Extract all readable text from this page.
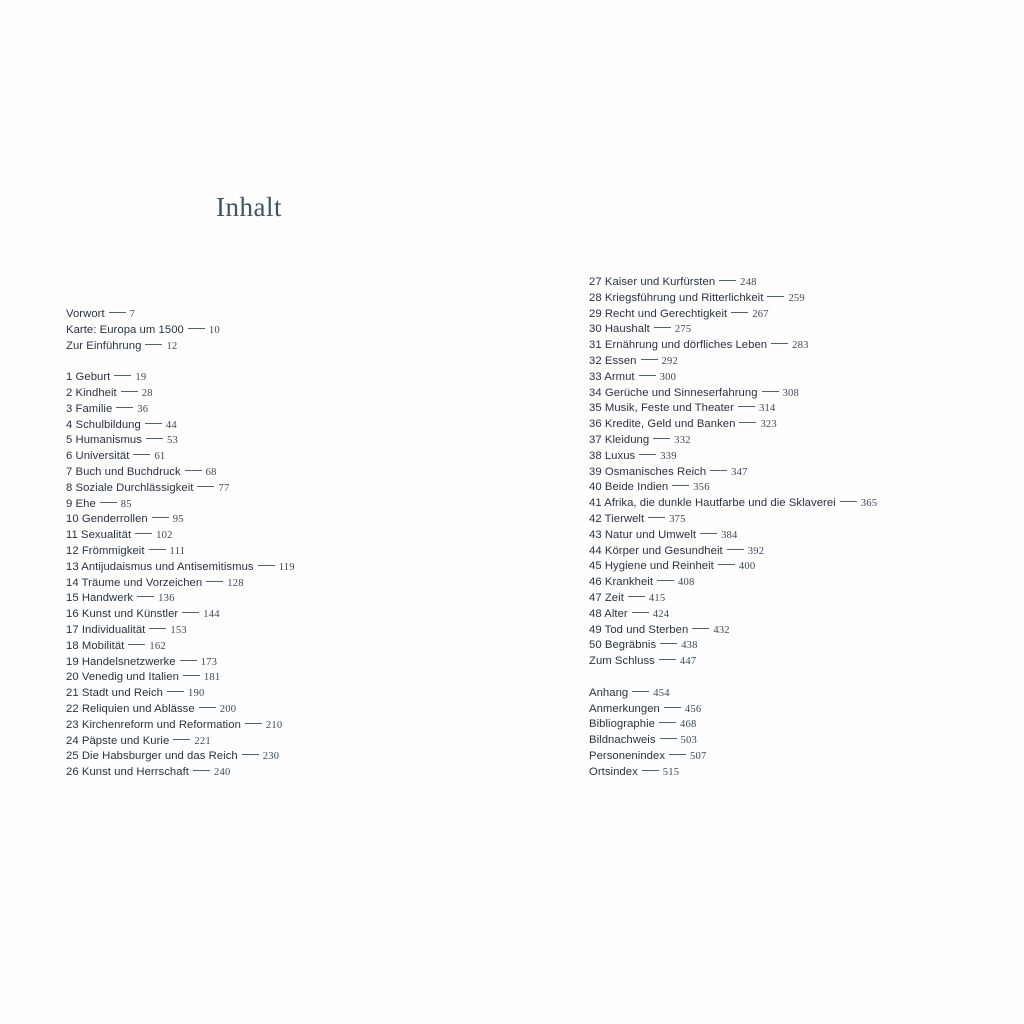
Inhalt
Vorwort 7
Karte: Europa um 1500 10
Zur Einführung 12
1 Geburt 19
2 Kindheit 28
3 Familie 36
4 Schulbildung 44
5 Humanismus 53
6 Universität 61
7 Buch und Buchdruck 68
8 Soziale Durchlässigkeit 77
9 Ehe 85
10 Genderrollen 95
11 Sexualität 102
12 Frömmigkeit 111
13 Antijudaismus und Antisemitismus 119
14 Träume und Vorzeichen 128
15 Handwerk 136
16 Kunst und Künstler 144
17 Individualität 153
18 Mobilität 162
19 Handelsnetzwerke 173
20 Venedig und Italien 181
21 Stadt und Reich 190
22 Reliquien und Ablässe 200
23 Kirchenreform und Reformation 210
24 Päpste und Kurie 221
25 Die Habsburger und das Reich 230
26 Kunst und Herrschaft 240
27 Kaiser und Kurfürsten 248
28 Kriegsführung und Ritterlichkeit 259
29 Recht und Gerechtigkeit 267
30 Haushalt 275
31 Ernährung und dörfliches Leben 283
32 Essen 292
33 Armut 300
34 Gerüche und Sinneserfahrung 308
35 Musik, Feste und Theater 314
36 Kredite, Geld und Banken 323
37 Kleidung 332
38 Luxus 339
39 Osmanisches Reich 347
40 Beide Indien 356
41 Afrika, die dunkle Hautfarbe und die Sklaverei 365
42 Tierwelt 375
43 Natur und Umwelt 384
44 Körper und Gesundheit 392
45 Hygiene und Reinheit 400
46 Krankheit 408
47 Zeit 415
48 Alter 424
49 Tod und Sterben 432
50 Begräbnis 438
Zum Schluss 447
Anhang 454
Anmerkungen 456
Bibliographie 468
Bildnachweis 503
Personenindex 507
Ortsindex 515
